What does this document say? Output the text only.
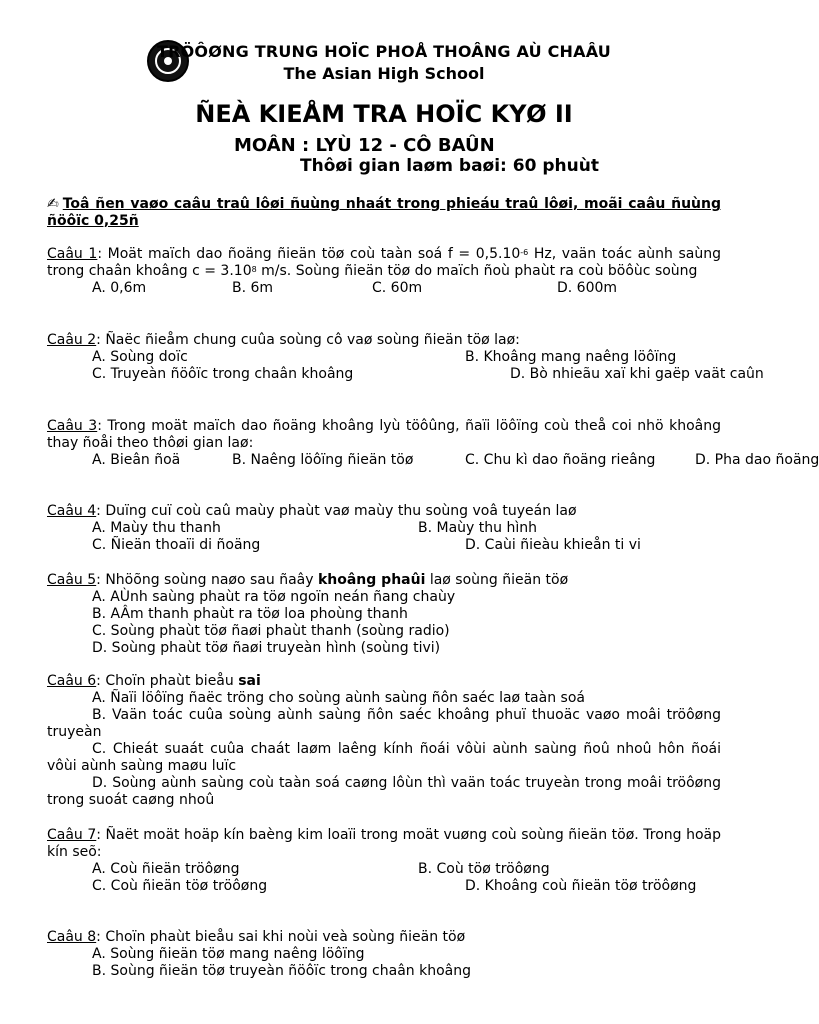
TRÖÔØNG TRUNG HOÏC PHOÅ THOÂNG AÙ CHAÂU
The Asian High School
ÑEÀ KIEÅM TRA HOÏC KYØ II
MOÂN : LYÙ 12 - CÔ BAÛN
Thôøi gian laøm baøi: 60 phuùt
✍ Toâ ñen vaøo caâu traû lôøi ñuùng nhaát trong phieáu traû lôøi, moãi caâu ñuùng ñöôïc 0,25ñ
Caâu 1: Moät maïch dao ñoäng ñieän töø coù taàn soá $f = 0,5.10^{-6}$ Hz, vaän toác aùnh saùng trong chaân khoâng $c = 3.10^8$ m/s. Soùng ñieän töø do maïch ñoù phaùt ra coù böôùc soùng
A. 0,6m	B. 6m	C. 60m	D. 600m
Caâu 2: Ñaëc ñieåm chung cuûa soùng cô vaø soùng ñieän töø laø:
A. Soùng doïc	B. Khoâng mang naêng löôïng
C. Truyeàn ñöôïc trong chaân khoâng	D. Bò nhieãu xaï khi gaëp vaät caûn
Caâu 3: Trong moät maïch dao ñoäng khoâng lyù töôûng, ñaïi löôïng coù theå coi nhö khoâng thay ñoåi theo thôøi gian laø:
A. Bieân ñoä	B. Naêng löôïng ñieän töø	C. Chu kì dao ñoäng rieâng	D. Pha dao ñoäng
Caâu 4: Duïng cuï coù caû maùy phaùt vaø maùy thu soùng voâ tuyeán laø
A. Maùy thu thanh	B. Maùy thu hình
C. Ñieän thoaïi di ñoäng	D. Caùi ñieàu khieån ti vi
Caâu 5: Nhöõng soùng naøo sau ñaây khoâng phaûi laø soùng ñieän töø
A. AÙnh saùng phaùt ra töø ngoïn neán ñang chaùy
B. AÂm thanh phaùt ra töø loa phoùng thanh
C. Soùng phaùt töø ñaøi phaùt thanh (soùng radio)
D. Soùng phaùt töø ñaøi truyeàn hình (soùng tivi)
Caâu 6: Choïn phaùt bieåu sai
A. Ñaïi löôïng ñaëc tröng cho soùng aùnh saùng ñôn saéc laø taàn soá
B. Vaän toác cuûa soùng aùnh saùng ñôn saéc khoâng phuï thuoäc vaøo moâi tröôøng truyeàn
C. Chieát suaát cuûa chaát laøm laêng kính ñoái vôùi aùnh saùng ñoû nhoû hôn ñoái vôùi aùnh saùng maøu luïc
D. Soùng aùnh saùng coù taàn soá caøng lôùn thì vaän toác truyeàn trong moâi tröôøng trong suoát caøng nhoû
Caâu 7: Ñaët moät hoäp kín baèng kim loaïi trong moät vuøng coù soùng ñieän töø. Trong hoäp kín seõ:
A. Coù ñieän tröôøng	B. Coù töø tröôøng
C. Coù ñieän töø tröôøng	D. Khoâng coù ñieän töø tröôøng
Caâu 8: Choïn phaùt bieåu sai khi noùi veà soùng ñieän töø
A. Soùng ñieän töø mang naêng löôïng
B. Soùng ñieän töø truyeàn ñöôïc trong chaân khoâng
